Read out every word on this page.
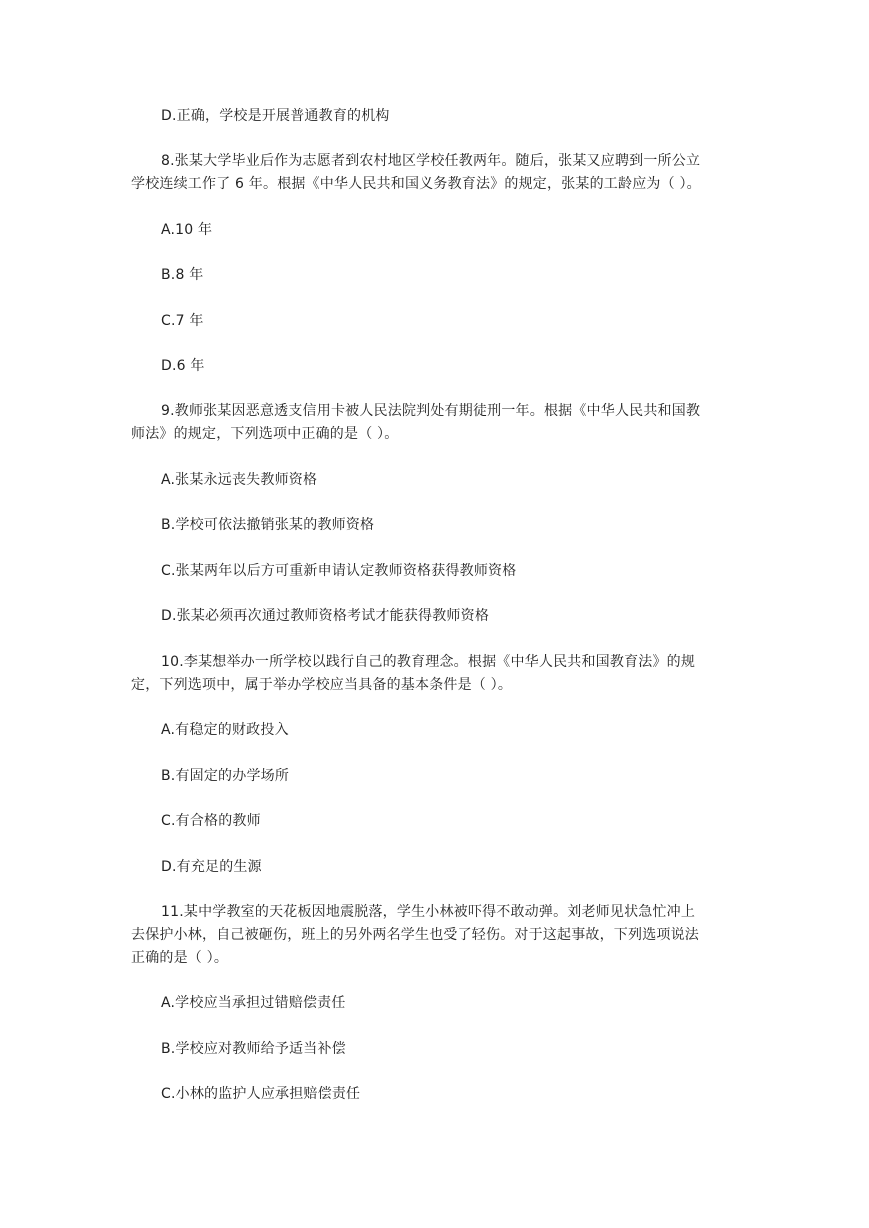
D.正确，学校是开展普通教育的机构
8.张某大学毕业后作为志愿者到农村地区学校任教两年。随后，张某又应聘到一所公立
学校连续工作了 6 年。根据《中华人民共和国义务教育法》的规定，张某的工龄应为（ ）。
A.10 年
B.8 年
C.7 年
D.6 年
9.教师张某因恶意透支信用卡被人民法院判处有期徒刑一年。根据《中华人民共和国教
师法》的规定，下列选项中正确的是（ ）。
A.张某永远丧失教师资格
B.学校可依法撤销张某的教师资格
C.张某两年以后方可重新申请认定教师资格获得教师资格
D.张某必须再次通过教师资格考试才能获得教师资格
10.李某想举办一所学校以践行自己的教育理念。根据《中华人民共和国教育法》的规
定，下列选项中，属于举办学校应当具备的基本条件是（ ）。
A.有稳定的财政投入
B.有固定的办学场所
C.有合格的教师
D.有充足的生源
11.某中学教室的天花板因地震脱落，学生小林被吓得不敢动弹。刘老师见状急忙冲上
去保护小林，自己被砸伤，班上的另外两名学生也受了轻伤。对于这起事故，下列选项说法
正确的是（ ）。
A.学校应当承担过错赔偿责任
B.学校应对教师给予适当补偿
C.小林的监护人应承担赔偿责任
